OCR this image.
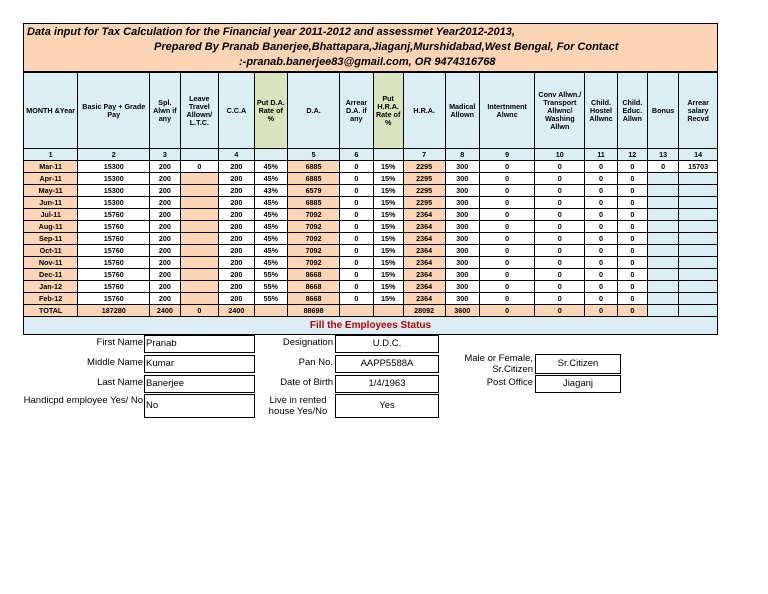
Data input for Tax Calculation for the Financial year 2011-2012 and assessmet Year2012-2013,
Prepared By Pranab Banerjee,Bhattapara,Jiaganj,Murshidabad,West Bengal, For Contact
:-pranab.banerjee83@gmail.com, OR 9474316768
MONTH &Year	Basic Pay + Grade Pay	Spl. Alwn if any	Leave Travel Allown/ L.T.C.	C.C.A	Put D.A. Rate of %	D.A.	Arrear D.A. if any	Put H.R.A. Rate of %	H.R.A.	Madical Allown	Intertnment Alwnc	Conv Allwn./ Transport Allwnc/ Washing Allwn	Child. Hostel Allwnc	Child. Educ. Allwn	Bonus	Arrear salary Recvd
1	2	3		4		5	6		7	8	9	10	11	12	13	14
Mar-11	15300	200	0	200	45%	6885	0	15%	2295	300	0	0	0	0	0	15703
Apr-11	15300	200		200	45%	6885	0	15%	2295	300	0	0	0	0		
May-11	15300	200		200	43%	6579	0	15%	2295	300	0	0	0	0		
Jun-11	15300	200		200	45%	6885	0	15%	2295	300	0	0	0	0		
Jul-11	15760	200		200	45%	7092	0	15%	2364	300	0	0	0	0		
Aug-11	15760	200		200	45%	7092	0	15%	2364	300	0	0	0	0		
Sep-11	15760	200		200	45%	7092	0	15%	2364	300	0	0	0	0		
Oct-11	15760	200		200	45%	7092	0	15%	2364	300	0	0	0	0		
Nov-11	15760	200		200	45%	7092	0	15%	2364	300	0	0	0	0		
Dec-11	15760	200		200	55%	8668	0	15%	2364	300	0	0	0	0		
Jan-12	15760	200		200	55%	8668	0	15%	2364	300	0	0	0	0		
Feb-12	15760	200		200	55%	8668	0	15%	2364	300	0	0	0	0		
TOTAL	187280	2400	0	2400		88698			28092	3600	0	0	0	0		
Fill the Employees Status
First Name Pranab
Middle Name Kumar
Last Name Banerjee
Handicpd employee Yes/ No No
Designation	U.D.C.
Pan No.	AAPP5588A
Date of Birth	1/4/1963
Live in rented house Yes/No
Yes
Male or Female, Sr.Citizen
Sr.Citizen
Post Office	Jiaganj
